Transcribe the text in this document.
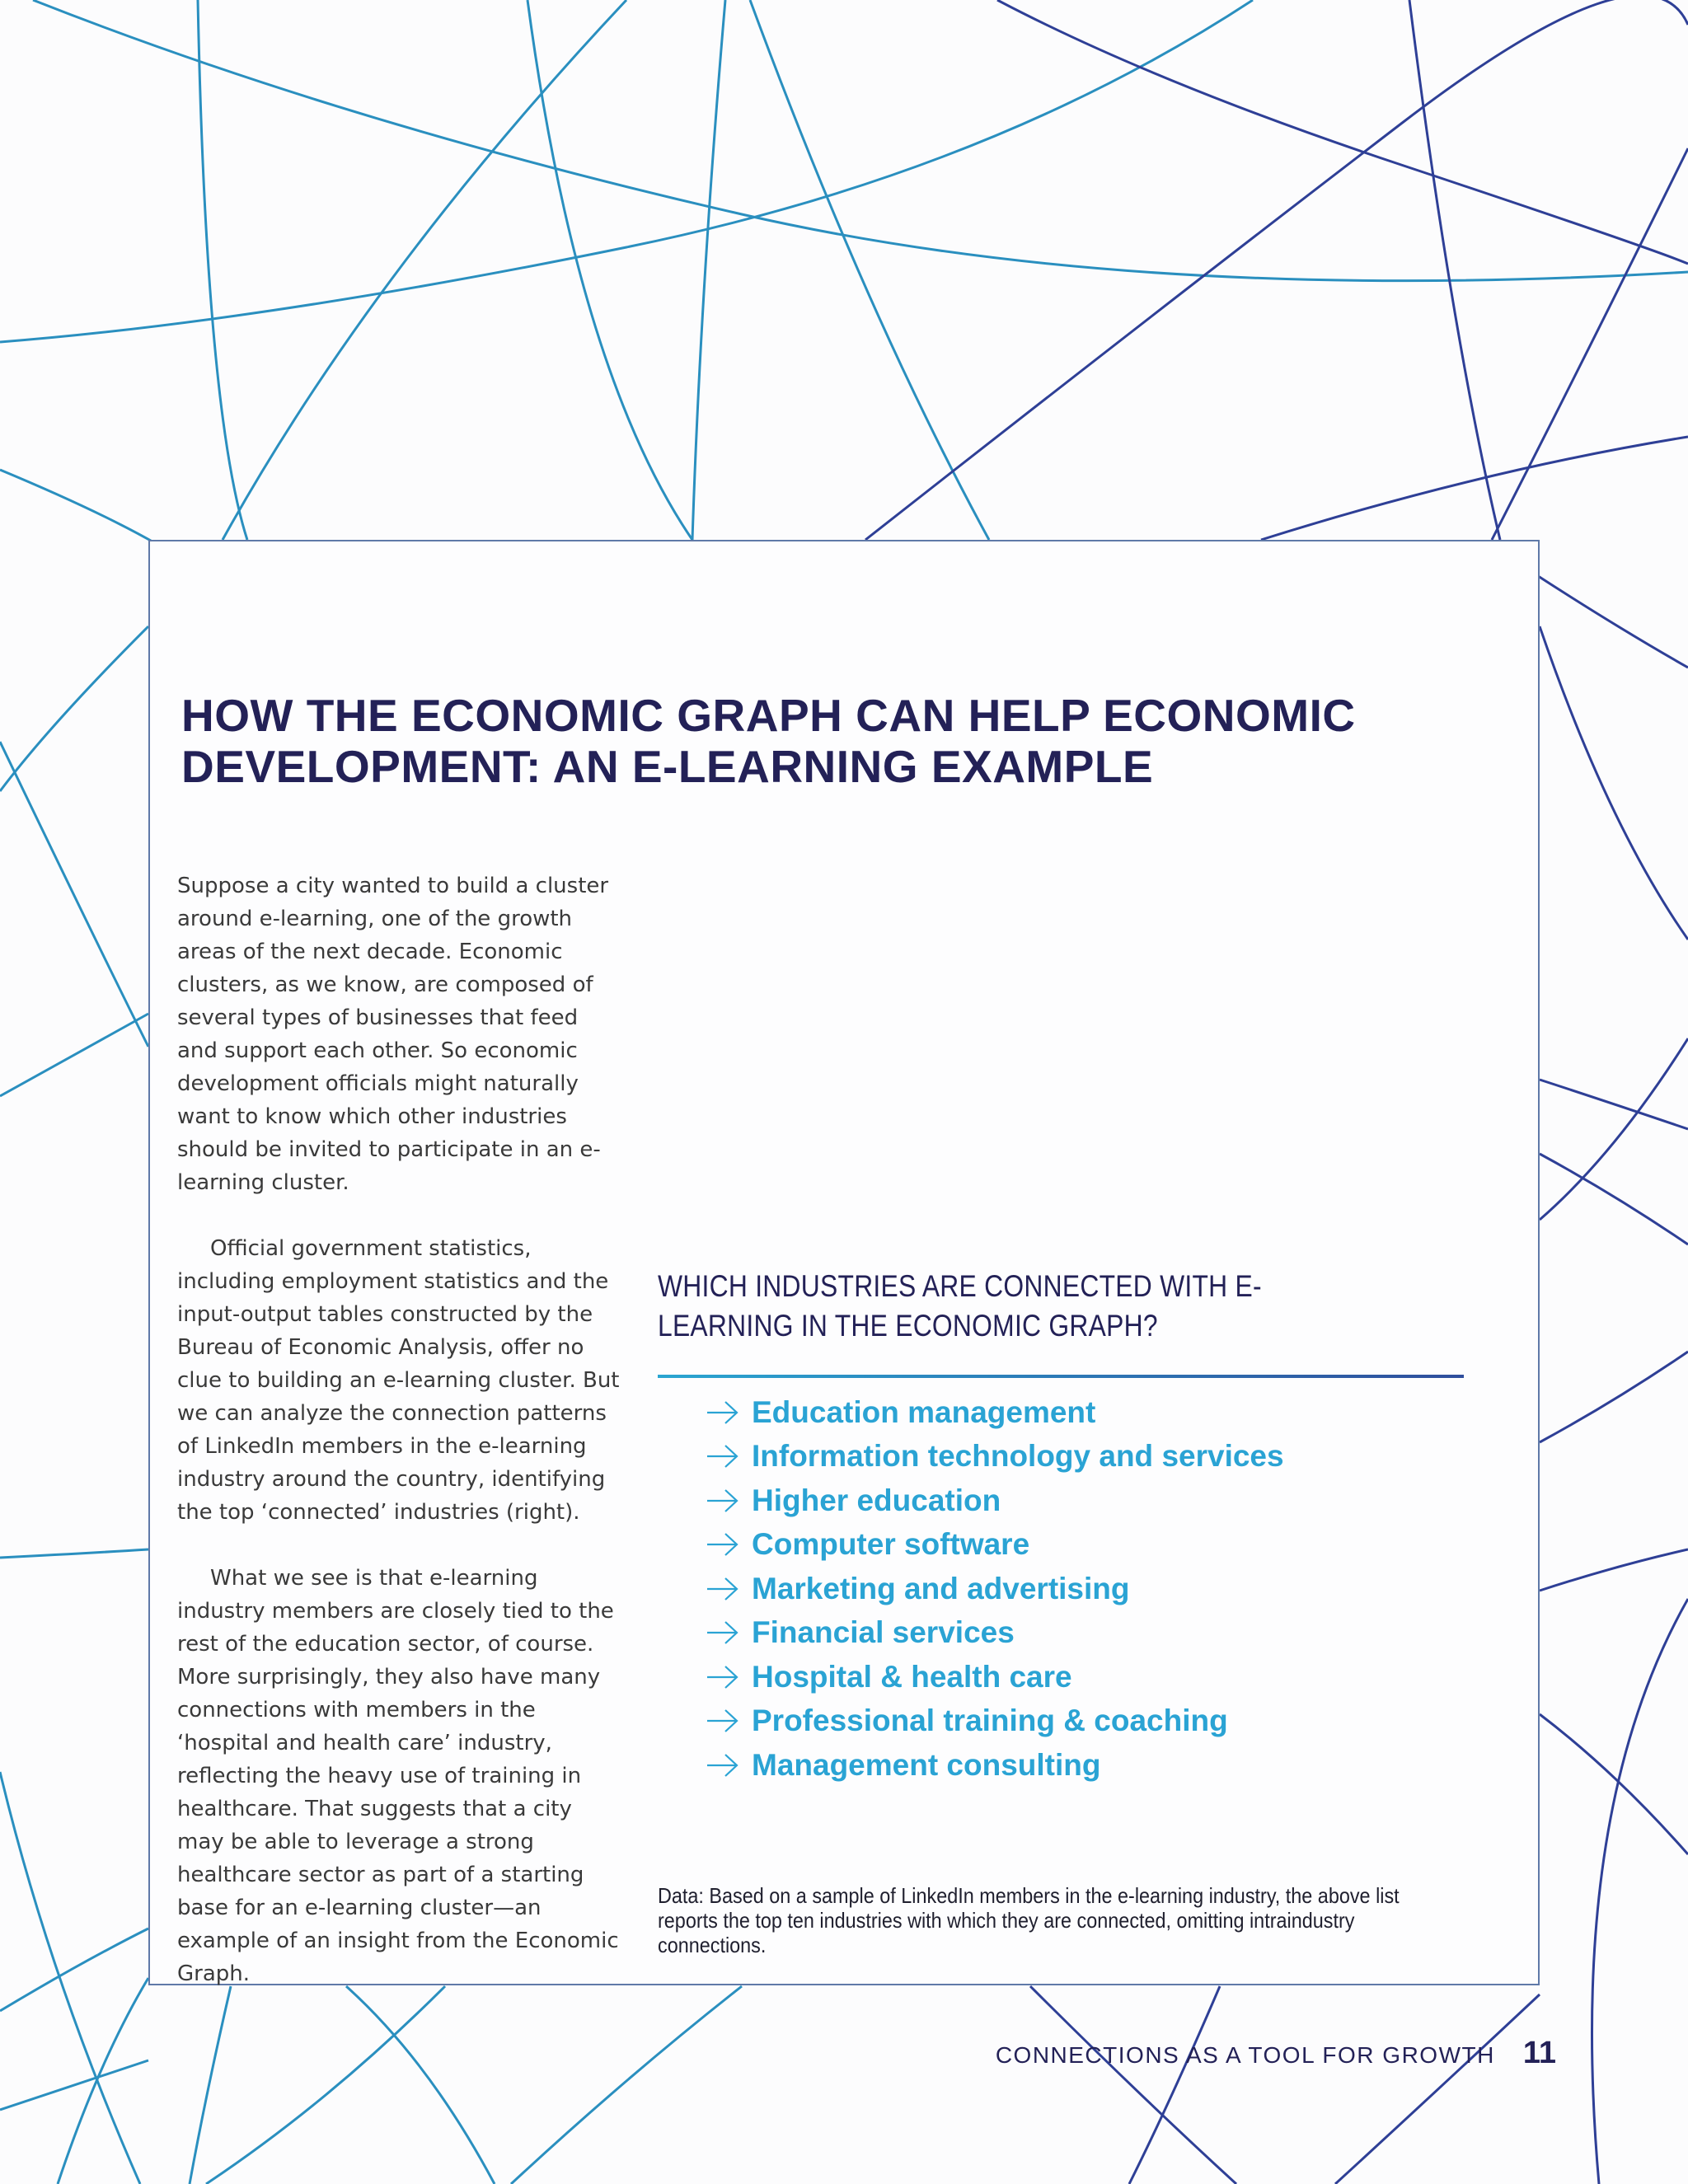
HOW THE ECONOMIC GRAPH CAN HELP ECONOMIC DEVELOPMENT: AN E-LEARNING EXAMPLE

Suppose a city wanted to build a cluster around e-learning, one of the growth areas of the next decade. Economic clusters, as we know, are composed of several types of businesses that feed and support each other. So economic development officials might naturally want to know which other industries should be invited to participate in an e-learning cluster.

Official government statistics, including employment statistics and the input-output tables constructed by the Bureau of Economic Analysis, offer no clue to building an e-learning cluster. But we can analyze the connection patterns of LinkedIn members in the e-learning industry around the country, identifying the top ‘connected’ industries (right).

What we see is that e-learning industry members are closely tied to the rest of the education sector, of course. More surprisingly, they also have many connections with members in the ‘hospital and health care’ industry, reflecting the heavy use of training in healthcare. That suggests that a city may be able to leverage a strong healthcare sector as part of a starting base for an e-learning cluster—an example of an insight from the Economic Graph.

WHICH INDUSTRIES ARE CONNECTED WITH E-LEARNING IN THE ECONOMIC GRAPH?
Education management
Information technology and services
Higher education
Computer software
Marketing and advertising
Financial services
Hospital & health care
Professional training & coaching
Management consulting
Data: Based on a sample of LinkedIn members in the e-learning industry, the above list reports the top ten industries with which they are connected, omitting intraindustry connections.
CONNECTIONS AS A TOOL FOR GROWTH 11
